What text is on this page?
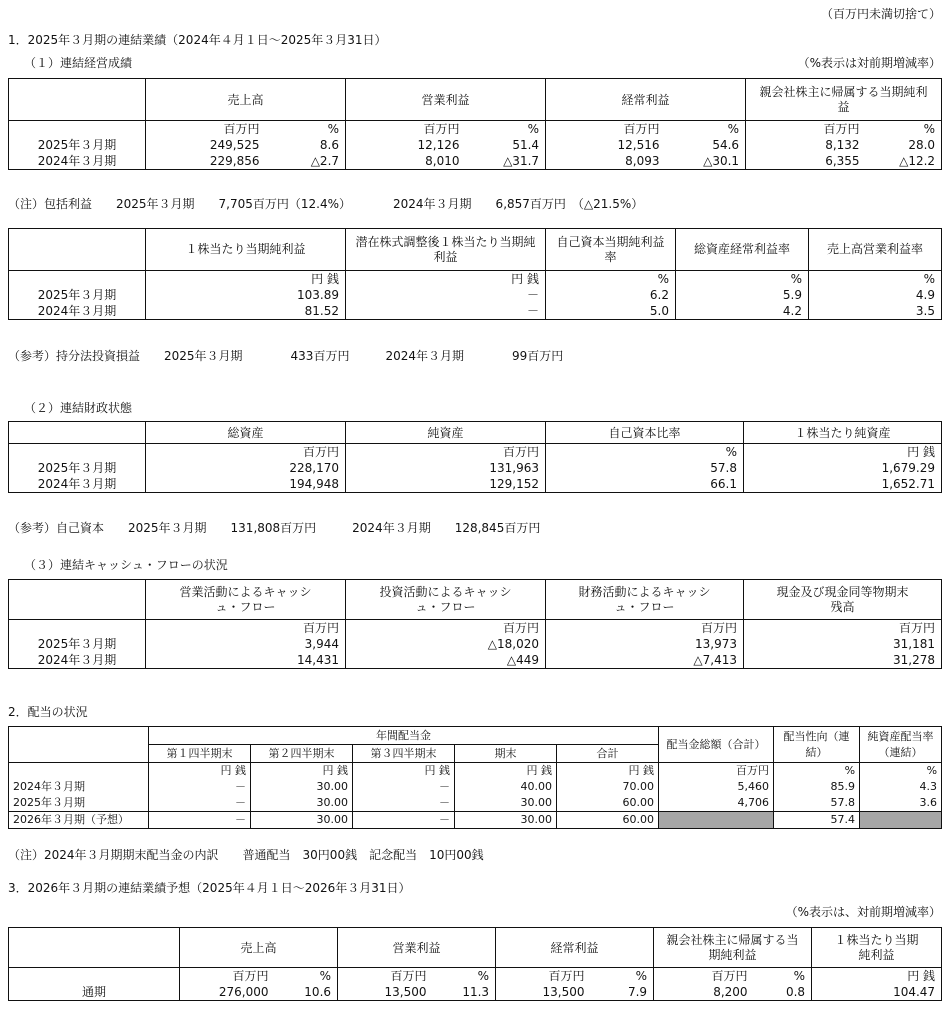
（百万円未満切捨て）
1．2025年３月期の連結業績（2024年４月１日～2025年３月31日）
（１）連結経営成績	（%表示は対前期増減率）
	売上高		営業利益		経常利益		親会社株主に帰属する当期純利益	
	百万円	%	百万円	%	百万円	%	百万円	%
2025年３月期	249,525	8.6	12,126	51.4	12,516	54.6	8,132	28.0
2024年３月期	229,856	△2.7	8,010	△31.7	8,093	△30.1	6,355	△12.2
（注）包括利益　　2025年３月期　　7,705百万円（12.4%）　　　　2024年３月期　　6,857百万円　（△21.5%）
	１株当たり当期純利益	潜在株式調整後１株当たり当期純利益	自己資本当期純利益率	総資産経常利益率	売上高営業利益率
	円 銭	円 銭	%	%	%
2025年３月期	103.89	－	6.2	5.9	4.9
2024年３月期	81.52	－	5.0	4.2	3.5
（参考）持分法投資損益　　2025年３月期　　　　433百万円　　　2024年３月期　　　　99百万円
（２）連結財政状態
	総資産	純資産	自己資本比率	１株当たり純資産
	百万円	百万円	%	円 銭
2025年３月期	228,170	131,963	57.8	1,679.29
2024年３月期	194,948	129,152	66.1	1,652.71
（参考）自己資本　　2025年３月期　　131,808百万円　　　2024年３月期　　128,845百万円
（３）連結キャッシュ・フローの状況
	営業活動によるキャッシュ・フロー	投資活動によるキャッシュ・フロー	財務活動によるキャッシュ・フロー	現金及び現金同等物期末残高
	百万円	百万円	百万円	百万円
2025年３月期	3,944	△18,020	13,973	31,181
2024年３月期	14,431	△449	△7,413	31,278
2．配当の状況
	年間配当金					配当金総額（合計）	配当性向（連結）	純資産配当率（連結）
	第１四半期末	第２四半期末	第３四半期末	期末	合計			
	円 銭	円 銭	円 銭	円 銭	円 銭	百万円	%	%
2024年３月期	－	30.00	－	40.00	70.00	5,460	85.9	4.3
2025年３月期	－	30.00	－	30.00	60.00	4,706	57.8	3.6
2026年３月期（予想）	－	30.00	－	30.00	60.00		57.4	
（注）2024年３月期期末配当金の内訳　　普通配当　30円00銭　記念配当　10円00銭
3．2026年３月期の連結業績予想（2025年４月１日～2026年３月31日）
（%表示は、対前期増減率）
	売上高		営業利益		経常利益		親会社株主に帰属する当期純利益		１株当たり当期純利益
	百万円	%	百万円	%	百万円	%	百万円	%	円 銭
通期	276,000	10.6	13,500	11.3	13,500	7.9	8,200	0.8	104.47
